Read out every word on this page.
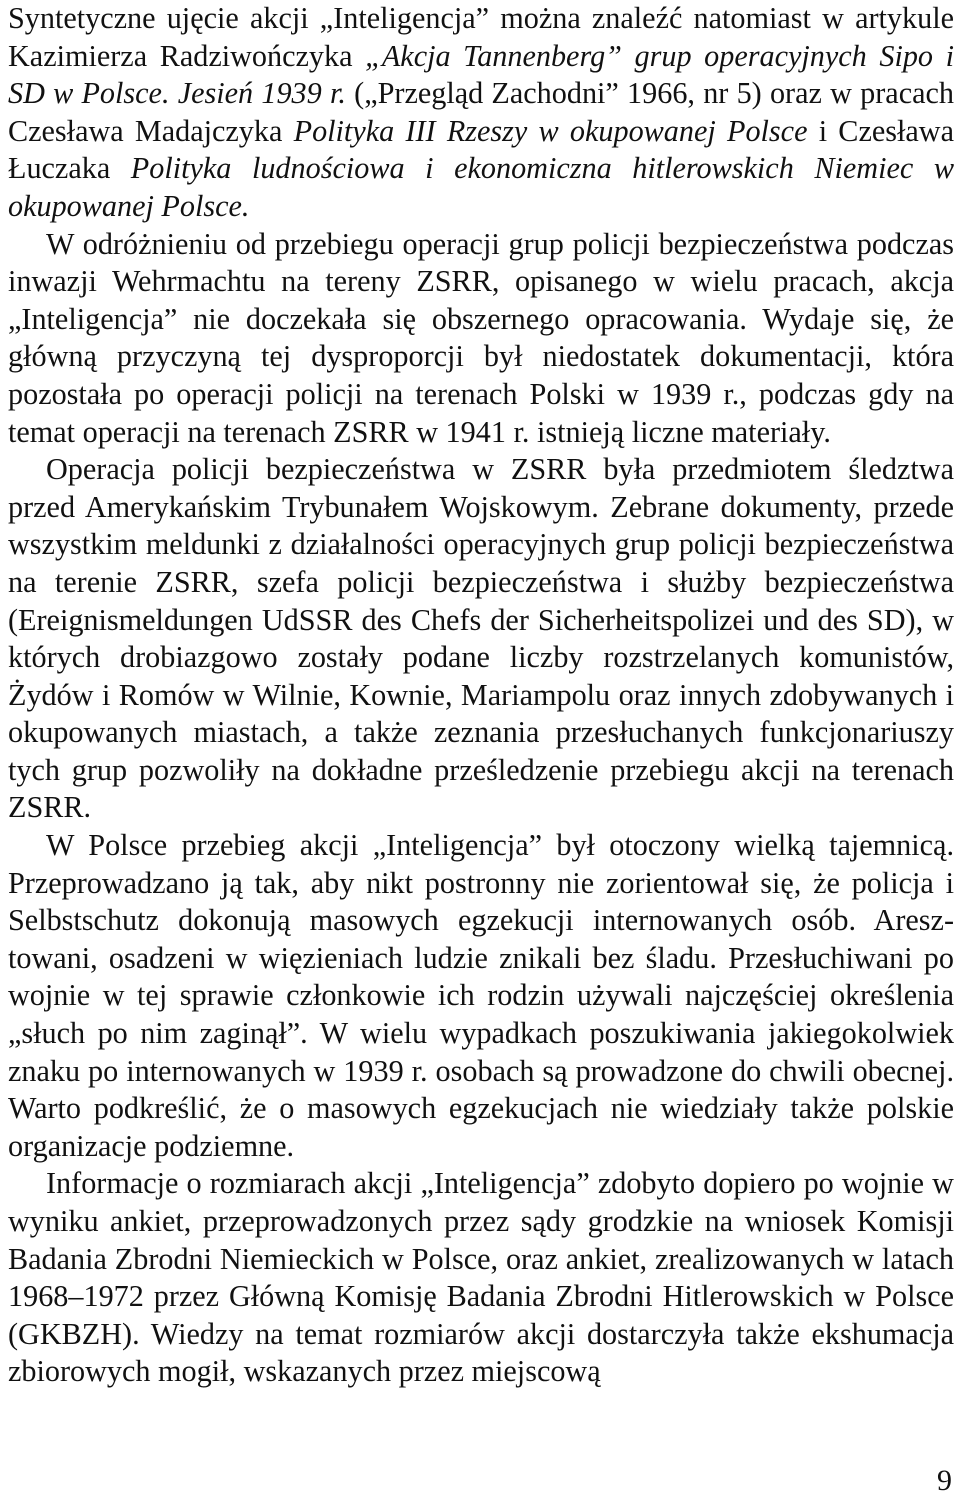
Syntetyczne ujęcie akcji „Inteligencja” można znaleźć natomiast w artykule Kazimierza Radziwończyka „Akcja Tannenberg” grup operacyjnych Sipo i SD w Polsce. Jesień 1939 r. („Przegląd Zachodni” 1966, nr 5) oraz w pracach Czesława Madajczyka Polityka III Rzeszy w okupowanej Polsce i Czesława Łuczaka Polityka ludnościowa i ekonomiczna hitlerowskich Niemiec w okupowanej Polsce.

W odróżnieniu od przebiegu operacji grup policji bezpieczeństwa podczas inwazji Wehrmachtu na tereny ZSRR, opisanego w wielu pracach, akcja „Inteligencja” nie doczekała się obszernego opracowania. Wydaje się, że główną przyczyną tej dysproporcji był niedostatek dokumentacji, która pozostała po operacji policji na terenach Polski w 1939 r., podczas gdy na temat operacji na terenach ZSRR w 1941 r. istnieją liczne materiały.

Operacja policji bezpieczeństwa w ZSRR była przedmiotem śledztwa przed Amerykańskim Trybunałem Wojskowym. Zebrane dokumenty, przede wszystkim meldunki z działalności operacyjnych grup policji bezpieczeństwa na terenie ZSRR, szefa policji bezpieczeństwa i służby bezpieczeństwa (Ereignismeldungen UdSSR des Chefs der Sicherheitspolizei und des SD), w których drobiazgowo zostały podane liczby rozstrzelanych komunistów, Żydów i Romów w Wilnie, Kownie, Mariampolu oraz innych zdobywanych i okupowanych miastach, a także zeznania przesłuchanych funkcjonariuszy tych grup pozwoliły na dokładne prześledzenie przebiegu akcji na terenach ZSRR.

W Polsce przebieg akcji „Inteligencja” był otoczony wielką tajemnicą. Przeprowadzano ją tak, aby nikt postronny nie zorientował się, że policja i Selbstschutz dokonują masowych egzekucji internowanych osób. Aresztowani, osadzeni w więzieniach ludzie znikali bez śladu. Przesłuchiwani po wojnie w tej sprawie członkowie ich rodzin używali najczęściej określenia „słuch po nim zaginął”. W wielu wypadkach poszukiwania jakiegokolwiek znaku po internowanych w 1939 r. osobach są prowadzone do chwili obecnej. Warto podkreślić, że o masowych egzekucjach nie wiedziały także polskie organizacje podziemne.

Informacje o rozmiarach akcji „Inteligencja” zdobyto dopiero po wojnie w wyniku ankiet, przeprowadzonych przez sądy grodzkie na wniosek Komisji Badania Zbrodni Niemieckich w Polsce, oraz ankiet, zrealizowanych w latach 1968–1972 przez Główną Komisję Badania Zbrodni Hitlerowskich w Polsce (GKBZH). Wiedzy na temat rozmiarów akcji dostarczyła także ekshumacja zbiorowych mogił, wskazanych przez miejscową

9
